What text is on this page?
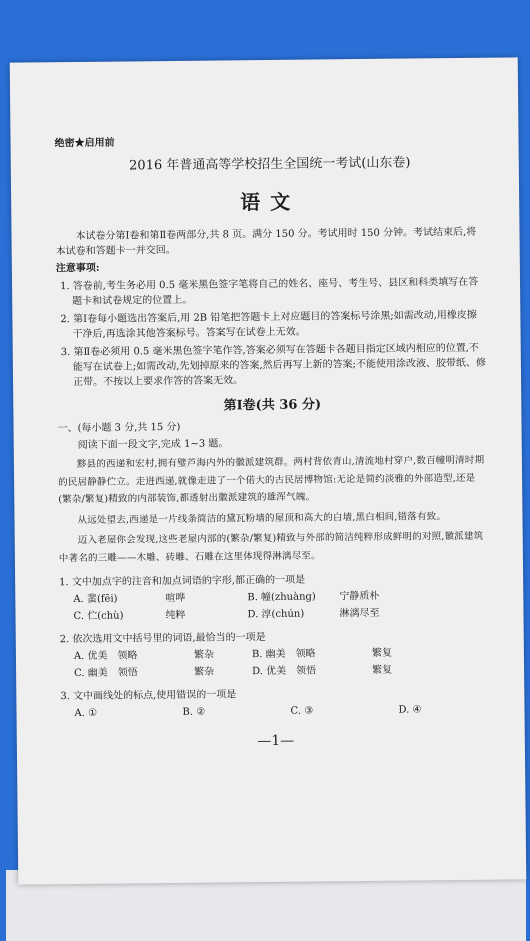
绝密★启用前
2016 年普通高等学校招生全国统一考试(山东卷)
语文

本试卷分第Ⅰ卷和第Ⅱ卷两部分,共 8 页。满分 150 分。考试用时 150 分钟。考试结束后,将本试卷和答题卡一并交回。

注意事项:
1. 答卷前,考生务必用 0.5 毫米黑色签字笔将自己的姓名、座号、考生号、县区和科类填写在答题卡和试卷规定的位置上。
2. 第Ⅰ卷每小题选出答案后,用 2B 铅笔把答题卡上对应题目的答案标号涂黑;如需改动,用橡皮擦干净后,再选涂其他答案标号。答案写在试卷上无效。
3. 第Ⅱ卷必须用 0.5 毫米黑色签字笔作答,答案必须写在答题卡各题目指定区域内相应的位置,不能写在试卷上;如需改动,先划掉原来的答案,然后再写上新的答案;不能使用涂改液、胶带纸、修正带。不按以上要求作答的答案无效。
第Ⅰ卷(共 36 分)
一、(每小题 3 分,共 15 分)
阅读下面一段文字,完成 1~3 题。

黟县的西递和宏村,拥有璧芦海内外的徽派建筑群。两村背依青山,清流地村穿户,数百幢明清时期的民居静静伫立。走进西递,就像走进了一个偌大的古民居博物馆:无论是简约淡雅的外部造型,还是(繁杂/繁复)精致的内部装饰,都透射出徽派建筑的雄浑气魄。

从远处望去,西递是一片线条简洁的黛瓦粉墙的屋顶和高大的白墙,黑白相间,错落有致。

迈入老屋你会发现,这些老屋内部的(繁杂/繁复)精致与外部的简洁纯粹形成鲜明的对照,徽派建筑中著名的三雕——木雕、砖雕、石雕在这里体现得淋漓尽至。

1. 文中加点字的注音和加点词语的字形,都正确的一项是
A. 蜚(fēi)	喧哗	B. 幢(zhuàng)	宁静质朴
C. 伫(chù)	纯粹	D. 淳(chún)	淋漓尽至
2. 依次选用文中括号里的词语,最恰当的一项是
A. 优美　领略	繁杂	B. 幽美　领略	繁复
C. 幽美　领悟	繁杂	D. 优美　领悟	繁复
3. 文中画线处的标点,使用错误的一项是
A. ①	B. ②	C. ③	D. ④
—1—
